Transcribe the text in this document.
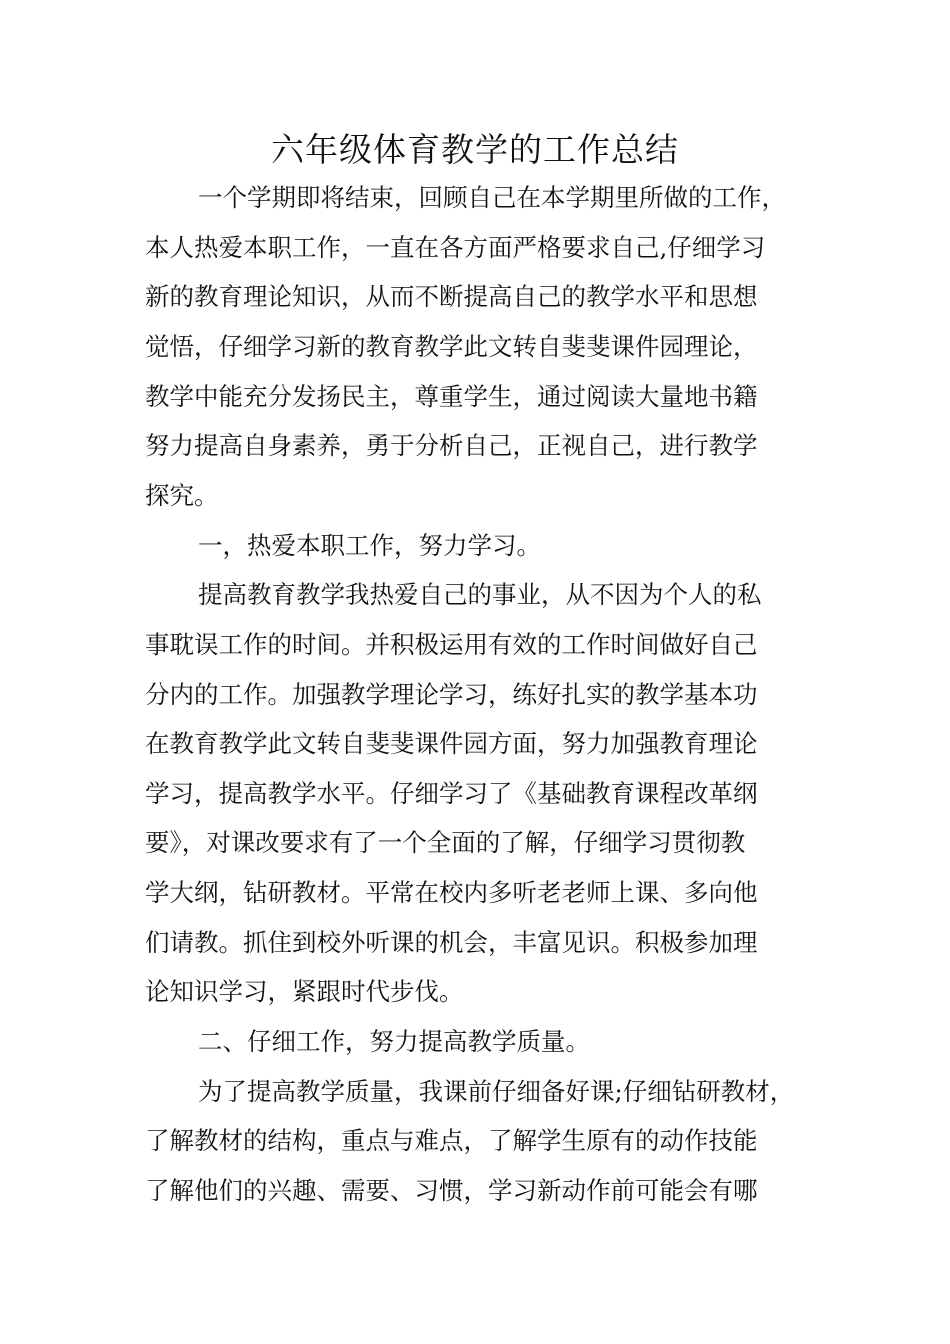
六年级体育教学的工作总结

一个学期即将结束，回顾自己在本学期里所做的工作，

本人热爱本职工作，一直在各方面严格要求自己,仔细学习

新的教育理论知识，从而不断提高自己的教学水平和思想

觉悟，仔细学习新的教育教学此文转自斐斐课件园理论，

教学中能充分发扬民主，尊重学生，通过阅读大量地书籍

努力提高自身素养，勇于分析自己，正视自己，进行教学

探究。

一，热爱本职工作，努力学习。

提高教育教学我热爱自己的事业，从不因为个人的私

事耽误工作的时间。并积极运用有效的工作时间做好自己

分内的工作。加强教学理论学习，练好扎实的教学基本功

在教育教学此文转自斐斐课件园方面，努力加强教育理论

学习，提高教学水平。仔细学习了《基础教育课程改革纲

要》，对课改要求有了一个全面的了解，仔细学习贯彻教

学大纲，钻研教材。平常在校内多听老老师上课、多向他

们请教。抓住到校外听课的机会，丰富见识。积极参加理

论知识学习，紧跟时代步伐。

二、仔细工作，努力提高教学质量。

为了提高教学质量，我课前仔细备好课;仔细钻研教材，

了解教材的结构，重点与难点，了解学生原有的动作技能

了解他们的兴趣、需要、习惯，学习新动作前可能会有哪
